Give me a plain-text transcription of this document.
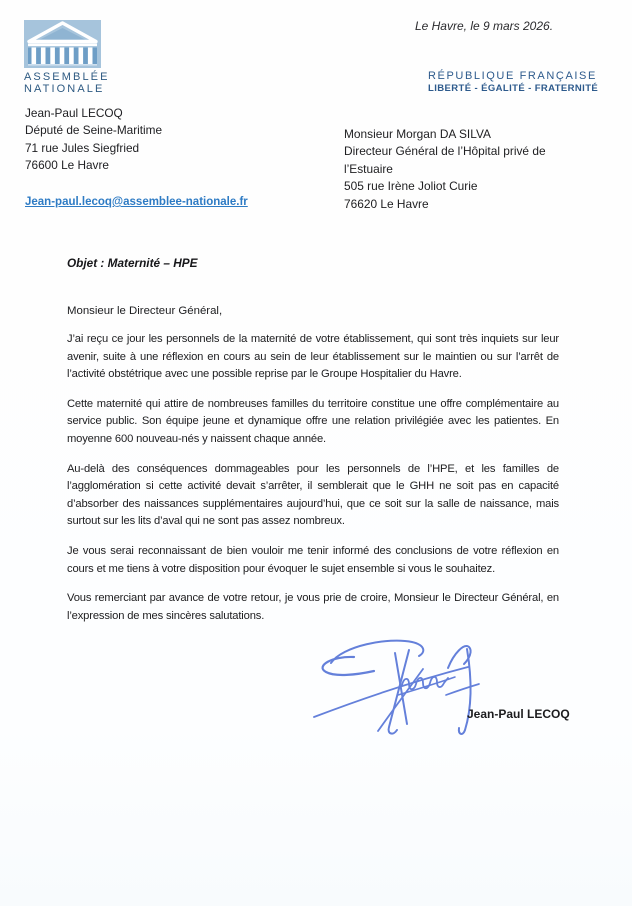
ASSEMBLÉE
NATIONALE
Le Havre, le 9 mars 2026.
RÉPUBLIQUE FRANÇAISE
LIBERTÉ - ÉGALITÉ - FRATERNITÉ
Jean-Paul LECOQ
Député de Seine-Maritime
71 rue Jules Siegfried
76600 Le Havre
Jean-paul.lecoq@assemblee-nationale.fr
Monsieur Morgan DA SILVA
Directeur Général de l’Hôpital privé de
l’Estuaire
505 rue Irène Joliot Curie
76620 Le Havre
Objet : Maternité – HPE
Monsieur le Directeur Général,

J’ai reçu ce jour les personnels de la maternité de votre établissement, qui sont très inquiets sur leur avenir, suite à une réflexion en cours au sein de leur établissement sur le maintien ou sur l’arrêt de l’activité obstétrique avec une possible reprise par le Groupe Hospitalier du Havre.

Cette maternité qui attire de nombreuses familles du territoire constitue une offre complémentaire au service public. Son équipe jeune et dynamique offre une relation privilégiée avec les patientes. En moyenne 600 nouveau-nés y naissent chaque année.

Au-delà des conséquences dommageables pour les personnels de l’HPE, et les familles de l’agglomération si cette activité devait s’arrêter, il semblerait que le GHH ne soit pas en capacité d’absorber des naissances supplémentaires aujourd’hui, que ce soit sur la salle de naissance, mais surtout sur les lits d’aval qui ne sont pas assez nombreux.

Je vous serai reconnaissant de bien vouloir me tenir informé des conclusions de votre réflexion en cours et me tiens à votre disposition pour évoquer le sujet ensemble si vous le souhaitez.

Vous remerciant par avance de votre retour, je vous prie de croire, Monsieur le Directeur Général, en l’expression de mes sincères salutations.

Jean-Paul LECOQ
